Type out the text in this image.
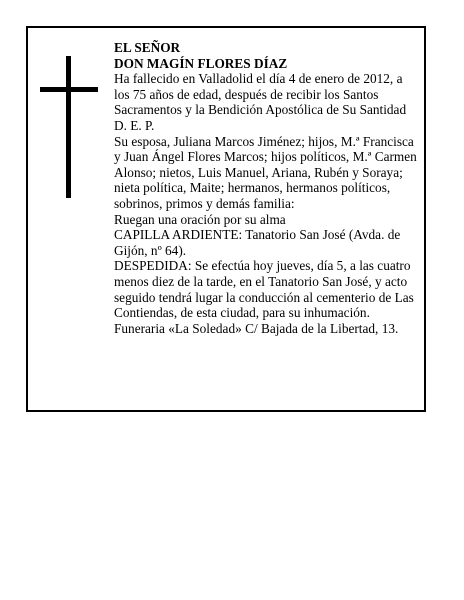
EL SEÑOR

DON MAGÍN FLORES DÍAZ

Ha fallecido en Valladolid el día 4 de enero de 2012, a los 75 años de edad, después de recibir los Santos Sacramentos y la Bendición Apostólica de Su Santidad D. E. P.

Su esposa, Juliana Marcos Jiménez; hijos, M.ª Francisca y Juan Ángel Flores Marcos; hijos políticos, M.ª Carmen Alonso; nietos, Luis Manuel, Ariana, Rubén y Soraya; nieta política, Maite; hermanos, hermanos políticos, sobrinos, primos y demás familia:

Ruegan una oración por su alma

CAPILLA ARDIENTE: Tanatorio San José (Avda. de Gijón, nº 64).

DESPEDIDA: Se efectúa hoy jueves, día 5, a las cuatro menos diez de la tarde, en el Tanatorio San José, y acto seguido tendrá lugar la conducción al cementerio de Las Contiendas, de esta ciudad, para su inhumación.

Funeraria «La Soledad» C/ Bajada de la Libertad, 13.
